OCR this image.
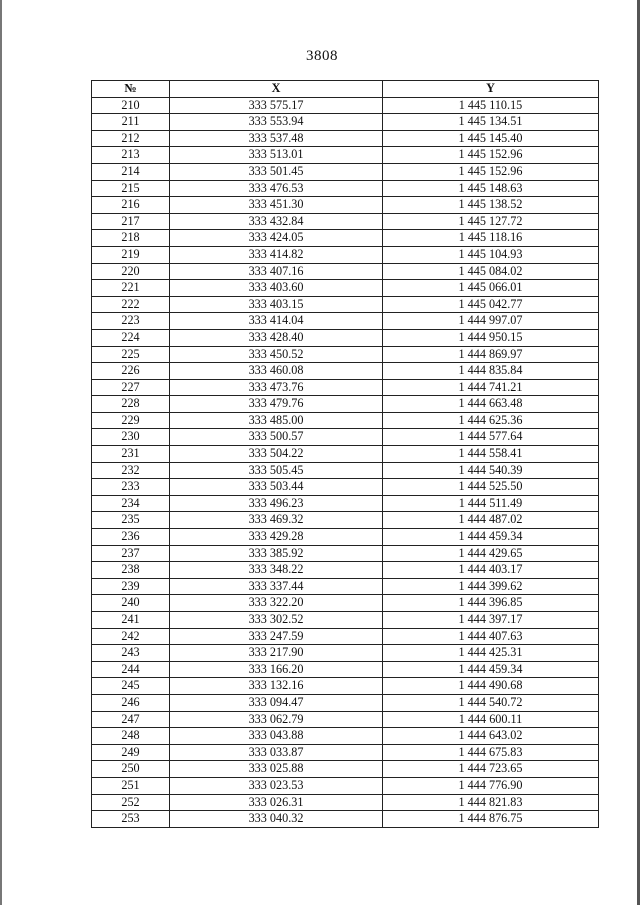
3808
№	X	Y
210	333 575.17	1 445 110.15
211	333 553.94	1 445 134.51
212	333 537.48	1 445 145.40
213	333 513.01	1 445 152.96
214	333 501.45	1 445 152.96
215	333 476.53	1 445 148.63
216	333 451.30	1 445 138.52
217	333 432.84	1 445 127.72
218	333 424.05	1 445 118.16
219	333 414.82	1 445 104.93
220	333 407.16	1 445 084.02
221	333 403.60	1 445 066.01
222	333 403.15	1 445 042.77
223	333 414.04	1 444 997.07
224	333 428.40	1 444 950.15
225	333 450.52	1 444 869.97
226	333 460.08	1 444 835.84
227	333 473.76	1 444 741.21
228	333 479.76	1 444 663.48
229	333 485.00	1 444 625.36
230	333 500.57	1 444 577.64
231	333 504.22	1 444 558.41
232	333 505.45	1 444 540.39
233	333 503.44	1 444 525.50
234	333 496.23	1 444 511.49
235	333 469.32	1 444 487.02
236	333 429.28	1 444 459.34
237	333 385.92	1 444 429.65
238	333 348.22	1 444 403.17
239	333 337.44	1 444 399.62
240	333 322.20	1 444 396.85
241	333 302.52	1 444 397.17
242	333 247.59	1 444 407.63
243	333 217.90	1 444 425.31
244	333 166.20	1 444 459.34
245	333 132.16	1 444 490.68
246	333 094.47	1 444 540.72
247	333 062.79	1 444 600.11
248	333 043.88	1 444 643.02
249	333 033.87	1 444 675.83
250	333 025.88	1 444 723.65
251	333 023.53	1 444 776.90
252	333 026.31	1 444 821.83
253	333 040.32	1 444 876.75
